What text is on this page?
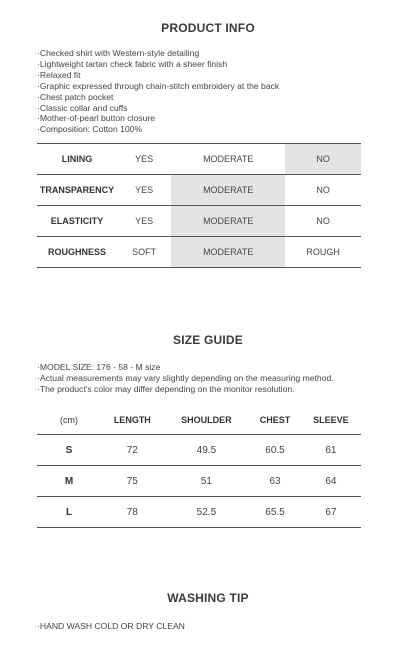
PRODUCT INFO
· Checked shirt with Western-style detailing
· Lightweight tartan check fabric with a sheer finish
· Relaxed fit
· Graphic expressed through chain-stitch embroidery at the back
· Chest patch pocket
· Classic collar and cuffs
· Mother-of-pearl button closure
· Composition: Cotton 100%
LINING	YES	MODERATE	NO
TRANSPARENCY	YES	MODERATE	NO
ELASTICITY	YES	MODERATE	NO
ROUGHNESS	SOFT	MODERATE	ROUGH
SIZE GUIDE
· MODEL SIZE: 176 - 58 - M size
· Actual measurements may vary slightly depending on the measuring method.
· The product's color may differ depending on the monitor resolution.
(cm)	LENGTH	SHOULDER	CHEST	SLEEVE
S	72	49.5	60.5	61
M	75	51	63	64
L	78	52.5	65.5	67
WASHING TIP
· HAND WASH COLD OR DRY CLEAN
